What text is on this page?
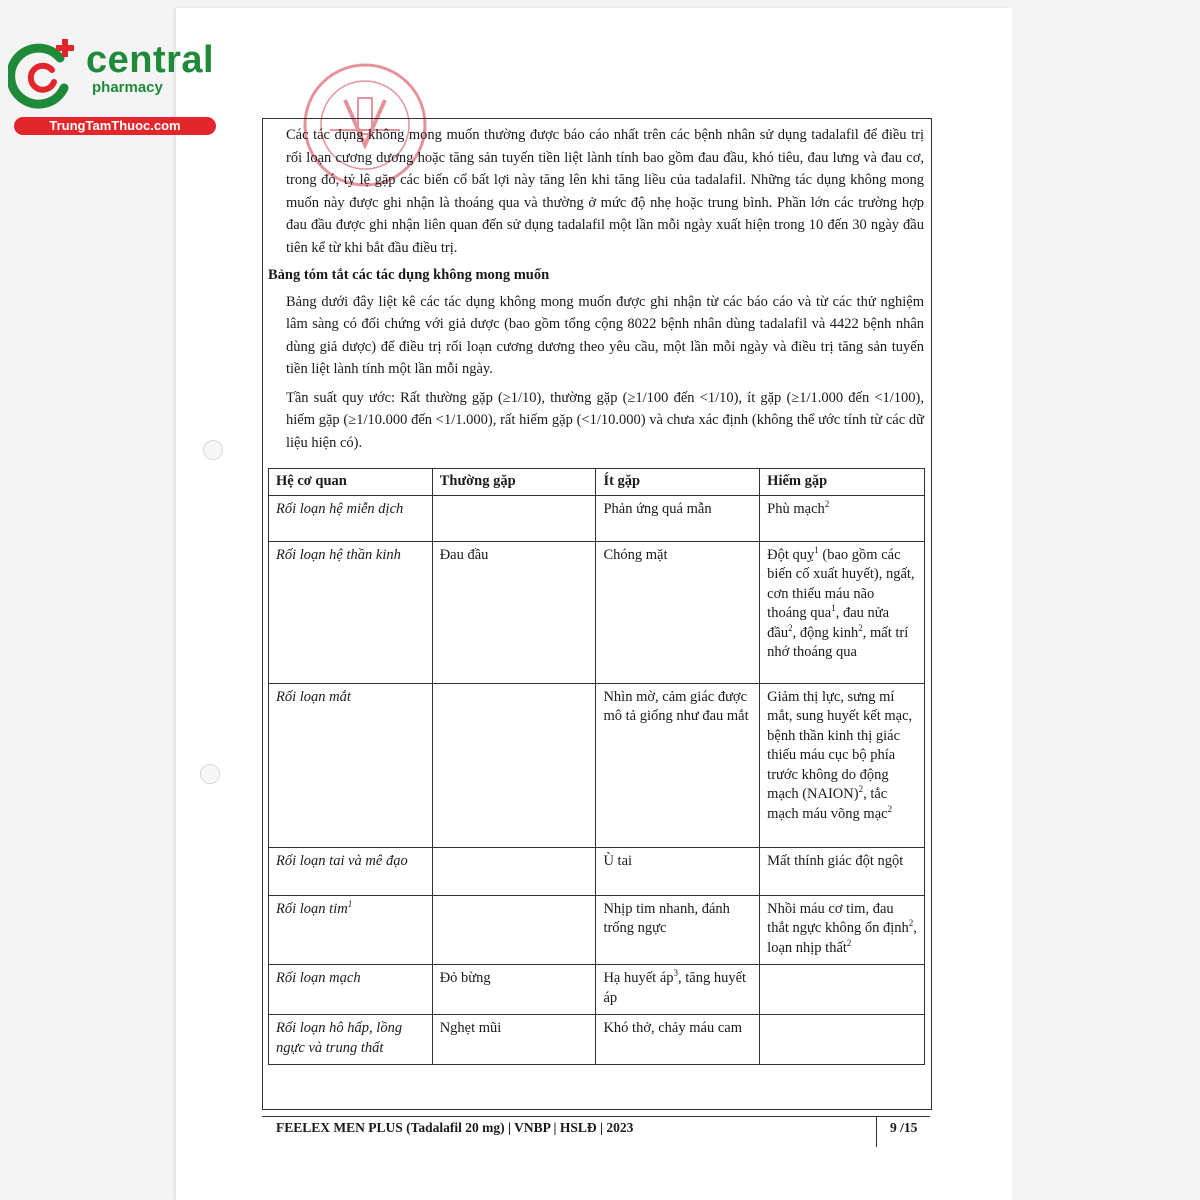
central
pharmacy
TrungTamThuoc.com

Các tác dụng không mong muốn thường được báo cáo nhất trên các bệnh nhân sử dụng tadalafil để điều trị rối loạn cương dương hoặc tăng sản tuyến tiền liệt lành tính bao gồm đau đầu, khó tiêu, đau lưng và đau cơ, trong đó, tỷ lệ gặp các biến cố bất lợi này tăng lên khi tăng liều của tadalafil. Những tác dụng không mong muốn này được ghi nhận là thoáng qua và thường ở mức độ nhẹ hoặc trung bình. Phần lớn các trường hợp đau đầu được ghi nhận liên quan đến sử dụng tadalafil một lần mỗi ngày xuất hiện trong 10 đến 30 ngày đầu tiên kể từ khi bắt đầu điều trị.

Bảng tóm tắt các tác dụng không mong muốn

Bảng dưới đây liệt kê các tác dụng không mong muốn được ghi nhận từ các báo cáo và từ các thử nghiệm lâm sàng có đối chứng với giả dược (bao gồm tổng cộng 8022 bệnh nhân dùng tadalafil và 4422 bệnh nhân dùng giả dược) để điều trị rối loạn cương dương theo yêu cầu, một lần mỗi ngày và điều trị tăng sản tuyến tiền liệt lành tính một lần mỗi ngày.

Tần suất quy ước: Rất thường gặp (≥1/10), thường gặp (≥1/100 đến <1/10), ít gặp (≥1/1.000 đến <1/100), hiếm gặp (≥1/10.000 đến <1/1.000), rất hiếm gặp (<1/10.000) và chưa xác định (không thể ước tính từ các dữ liệu hiện có).

Hệ cơ quan	Thường gặp	Ít gặp	Hiếm gặp
Rối loạn hệ miễn dịch		Phản ứng quá mẫn	Phù mạch$^2$
Rối loạn hệ thần kinh	Đau đầu	Chóng mặt	Đột quỵ$^1$ (bao gồm các biến cố xuất huyết), ngất, cơn thiếu máu não thoáng qua$^1$, đau nửa đầu$^2$, động kinh$^2$, mất trí nhớ thoáng qua
Rối loạn mắt		Nhìn mờ, cảm giác được mô tả giống như đau mắt	Giảm thị lực, sưng mí mắt, sung huyết kết mạc, bệnh thần kinh thị giác thiếu máu cục bộ phía trước không do động mạch (NAION)$^2$, tắc mạch máu võng mạc$^2$
Rối loạn tai và mê đạo		Ù tai	Mất thính giác đột ngột
Rối loạn tim$^1$		Nhịp tim nhanh, đánh trống ngực	Nhồi máu cơ tim, đau thắt ngực không ổn định$^2$, loạn nhịp thất$^2$
Rối loạn mạch	Đỏ bừng	Hạ huyết $áp^3$, tăng huyết áp	
Rối loạn hô hấp, lồng ngực và trung thất	Nghẹt mũi	Khó thở, chảy máu cam	
FEELEX MEN PLUS (Tadalafil 20 mg) | VNBP | HSLĐ | 2023	9 /15
